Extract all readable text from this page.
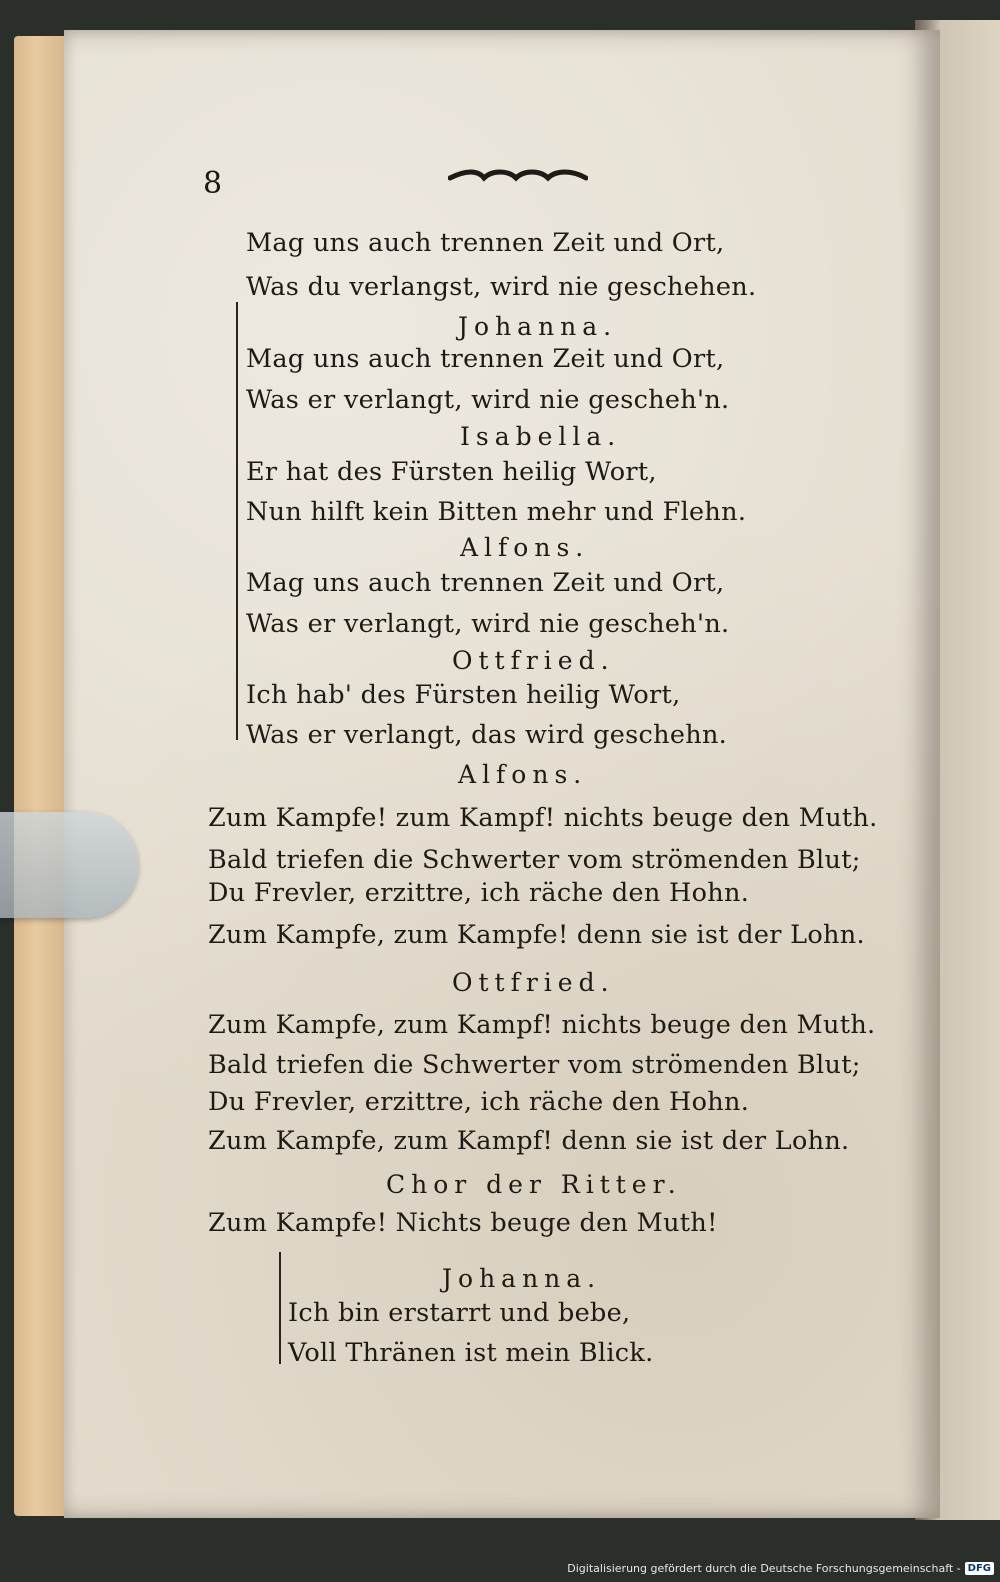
8
Mag uns auch trennen Zeit und Ort,
Was du verlangst, wird nie geschehen.
Johanna.
Mag uns auch trennen Zeit und Ort,
Was er verlangt, wird nie gescheh'n.
Isabella.
Er hat des Fürsten heilig Wort,
Nun hilft kein Bitten mehr und Flehn.
Alfons.
Mag uns auch trennen Zeit und Ort,
Was er verlangt, wird nie gescheh'n.
Ottfried.
Ich hab' des Fürsten heilig Wort,
Was er verlangt, das wird geschehn.
Alfons.
Zum Kampfe! zum Kampf! nichts beuge den Muth.
Bald triefen die Schwerter vom strömenden Blut;
Du Frevler, erzittre, ich räche den Hohn.
Zum Kampfe, zum Kampfe! denn sie ist der Lohn.
Ottfried.
Zum Kampfe, zum Kampf! nichts beuge den Muth.
Bald triefen die Schwerter vom strömenden Blut;
Du Frevler, erzittre, ich räche den Hohn.
Zum Kampfe, zum Kampf! denn sie ist der Lohn.
Chor der Ritter.
Zum Kampfe! Nichts beuge den Muth!
Johanna.
Ich bin erstarrt und bebe,
Voll Thränen ist mein Blick.
Digitalisierung gefördert durch die Deutsche Forschungsgemeinschaft - DFG
